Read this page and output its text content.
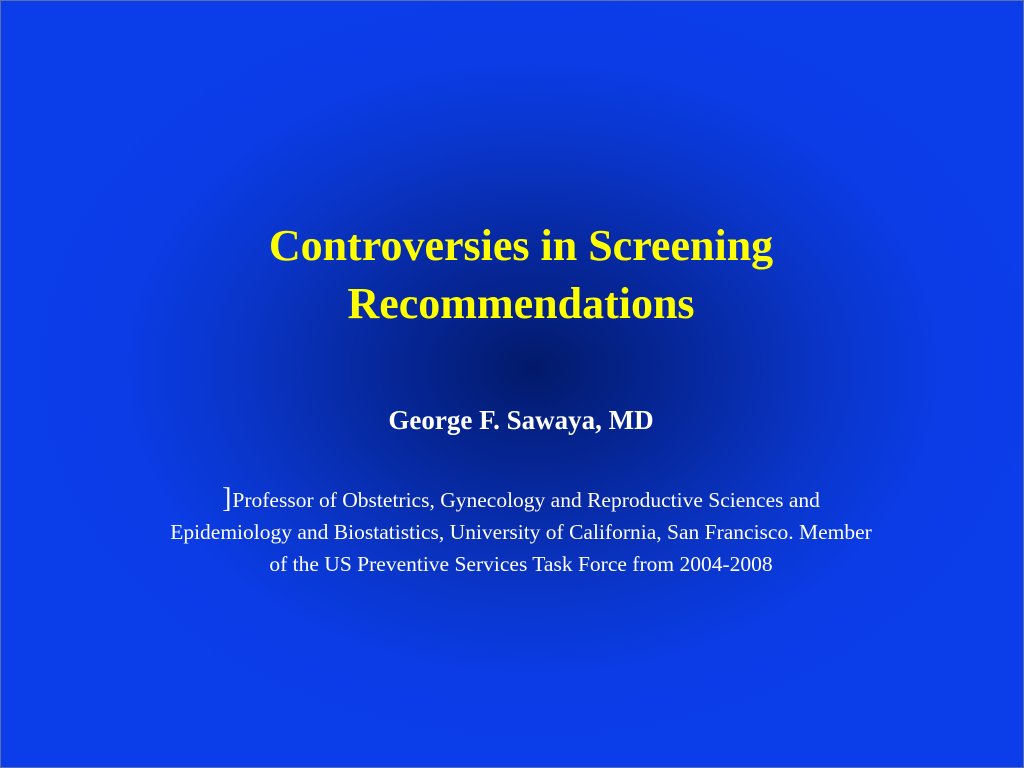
Controversies in Screening
Recommendations
George F. Sawaya, MD
]Professor of Obstetrics, Gynecology and Reproductive Sciences and
Epidemiology and Biostatistics, University of California, San Francisco. Member
of the US Preventive Services Task Force from 2004-2008
